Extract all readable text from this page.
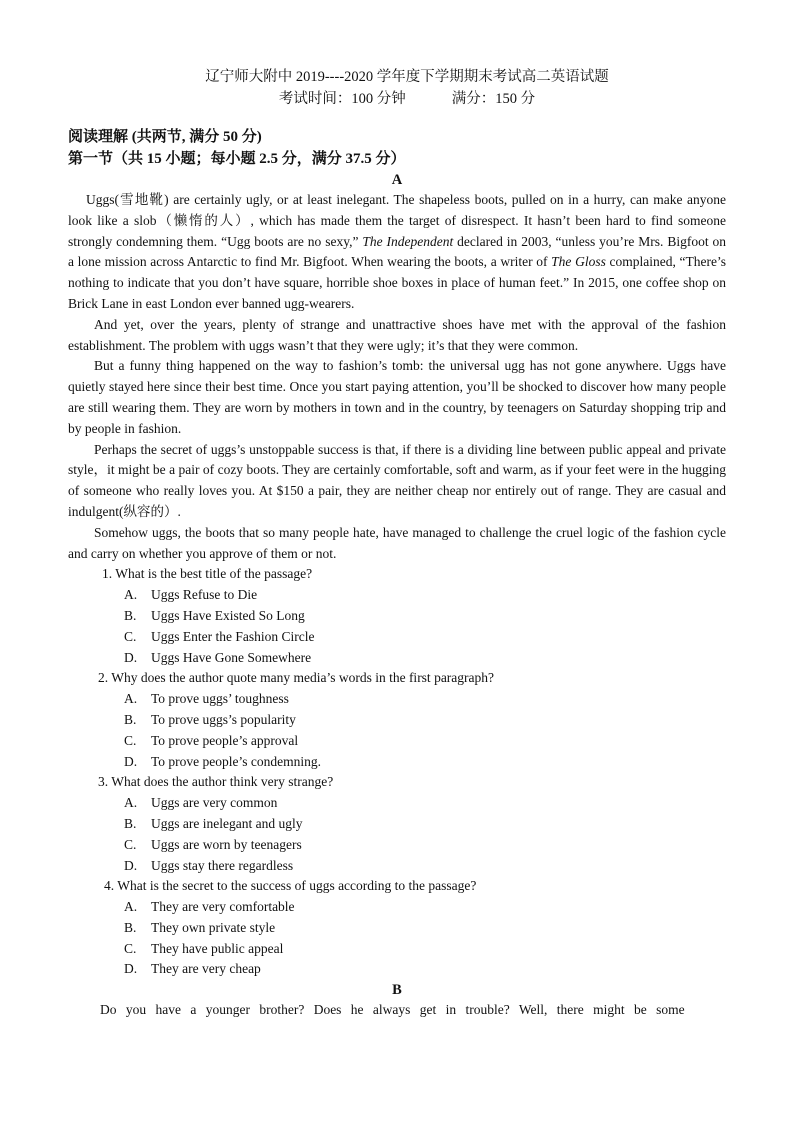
辽宁师大附中 2019----2020 学年度下学期期末考试高二英语试题

考试时间：100 分钟	满分：150 分

阅读理解 (共两节, 满分 50 分)

第一节（共 15 小题；每小题 2.5 分，满分 37.5 分）

A

Uggs(雪地靴) are certainly ugly, or at least inelegant. The shapeless boots, pulled on in a hurry, can make anyone look like a slob（懒惰的人）, which has made them the target of disrespect. It hasn’t been hard to find someone strongly condemning them. “Ugg boots are no sexy,” The Independent declared in 2003, “unless you’re Mrs. Bigfoot on a lone mission across Antarctic to find Mr. Bigfoot. When wearing the boots, a writer of The Gloss complained, “There’s nothing to indicate that you don’t have square, horrible shoe boxes in place of human feet.” In 2015, one coffee shop on Brick Lane in east London ever banned ugg-wearers.

And yet, over the years, plenty of strange and unattractive shoes have met with the approval of the fashion establishment. The problem with uggs wasn’t that they were ugly; it’s that they were common.

But a funny thing happened on the way to fashion’s tomb: the universal ugg has not gone anywhere. Uggs have quietly stayed here since their best time. Once you start paying attention, you’ll be shocked to discover how many people are still wearing them. They are worn by mothers in town and in the country, by teenagers on Saturday shopping trip and by people in fashion.

Perhaps the secret of uggs’s unstoppable success is that, if there is a dividing line between public appeal and private style，it might be a pair of cozy boots. They are certainly comfortable, soft and warm, as if your feet were in the hugging of someone who really loves you. At $150 a pair, they are neither cheap nor entirely out of range. They are casual and indulgent(纵容的）.

Somehow uggs, the boots that so many people hate, have managed to challenge the cruel logic of the fashion cycle and carry on whether you approve of them or not.

1. What is the best title of the passage?

A. Uggs Refuse to Die

B. Uggs Have Existed So Long

C. Uggs Enter the Fashion Circle

D. Uggs Have Gone Somewhere

2. Why does the author quote many media’s words in the first paragraph?

A. To prove uggs’ toughness

B. To prove uggs’s popularity

C. To prove people’s approval

D. To prove people’s condemning.

3. What does the author think very strange?

A. Uggs are very common

B. Uggs are inelegant and ugly

C. Uggs are worn by teenagers

D. Uggs stay there regardless

4. What is the secret to the success of uggs according to the passage?

A. They are very comfortable

B. They own private style

C. They have public appeal

D. They are very cheap

B

Do you have a younger brother? Does he always get in trouble? Well, there might be some
